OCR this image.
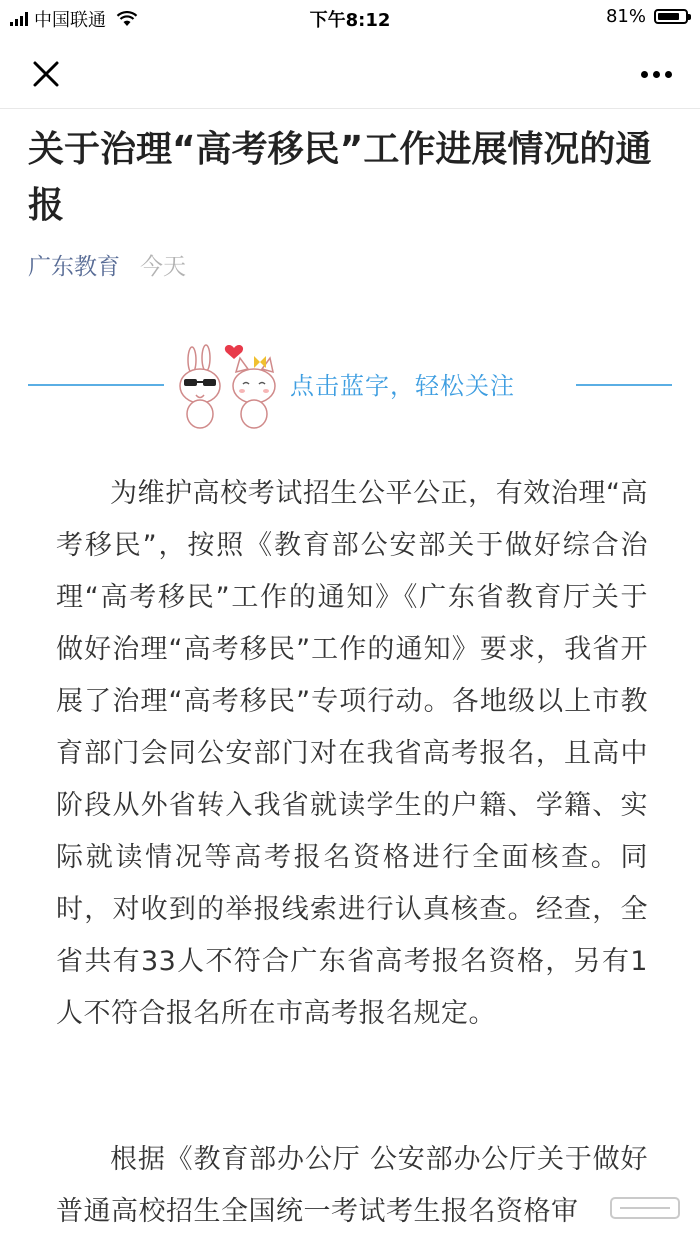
中国联通	下午8:12	81%
关于治理“高考移民”工作进展情况的通报
广东教育 今天
点击蓝字，轻松关注

为维护高校考试招生公平公正，有效治理“高考移民”，按照《教育部公安部关于做好综合治理“高考移民”工作的通知》《广东省教育厅关于做好治理“高考移民”工作的通知》要求，我省开展了治理“高考移民”专项行动。各地级以上市教育部门会同公安部门对在我省高考报名，且高中阶段从外省转入我省就读学生的户籍、学籍、实际就读情况等高考报名资格进行全面核查。同时，对收到的举报线索进行认真核查。经查，全省共有33人不符合广东省高考报名资格，另有1人不符合报名所在市高考报名规定。

根据《教育部办公厅 公安部办公厅关于做好普通高校招生全国统一考试考生报名资格审
